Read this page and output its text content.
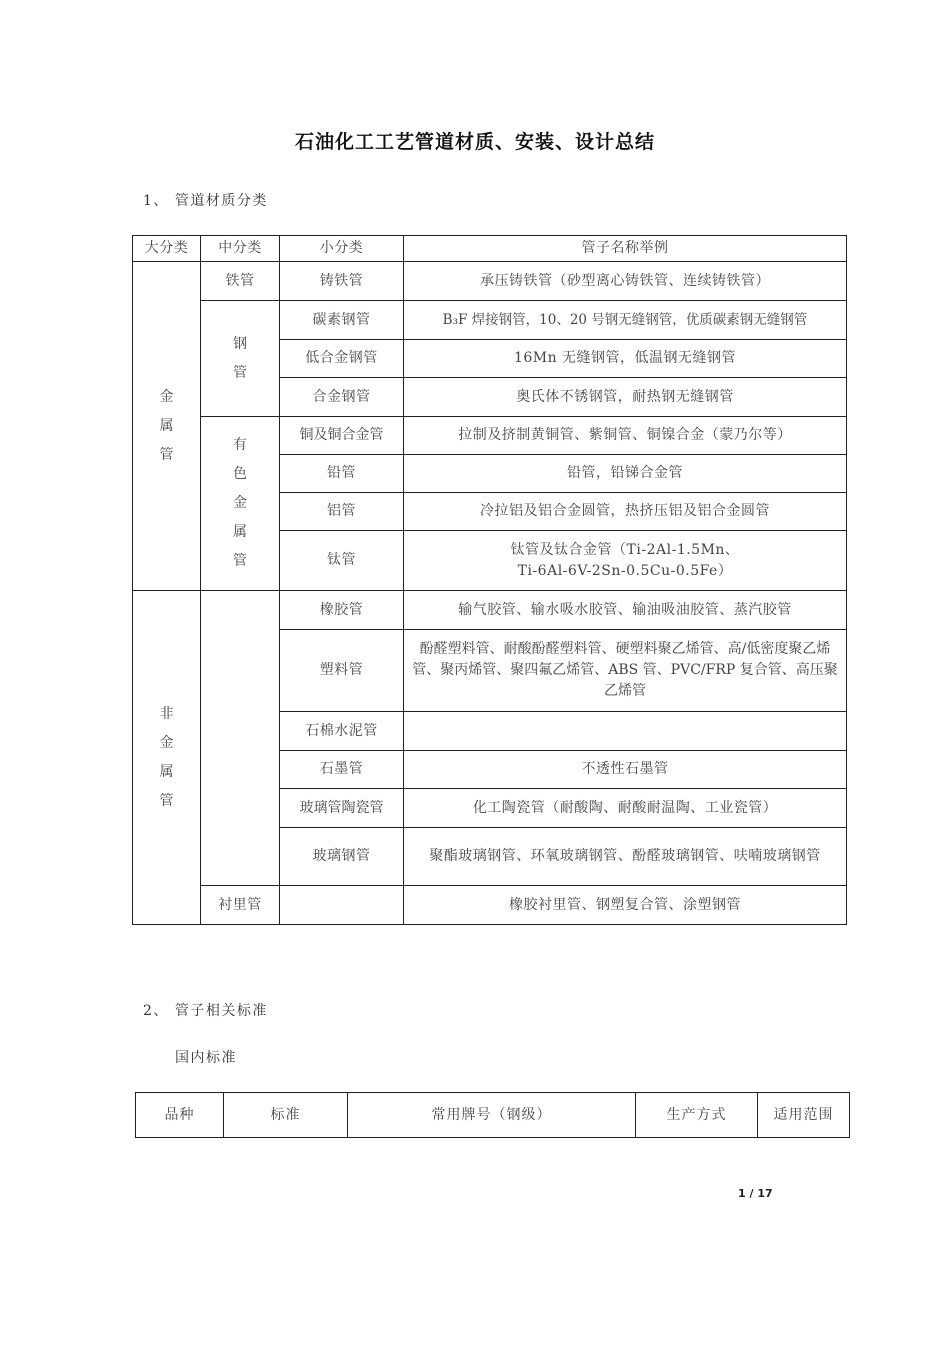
石油化工工艺管道材质、安装、设计总结
1、 管道材质分类
大分类	中分类	小分类	管子名称举例
金
属
管	铁管	铸铁管	承压铸铁管（砂型离心铸铁管、连续铸铁管）
	钢
管	碳素钢管	B₃F 焊接钢管，10、20 号钢无缝钢管，优质碳素钢无缝钢管
		低合金钢管	16Mn 无缝钢管，低温钢无缝钢管
		合金钢管	奥氏体不锈钢管，耐热钢无缝钢管
	有
色
金
属
管	铜及铜合金管	拉制及挤制黄铜管、紫铜管、铜镍合金（蒙乃尔等）
		铅管	铅管，铅锑合金管
		铝管	冷拉铝及铝合金圆管，热挤压铝及铝合金圆管
		钛管	钛管及钛合金管（Ti-2Al-1.5Mn、
Ti-6Al-6V-2Sn-0.5Cu-0.5Fe）
非
金
属
管		橡胶管	输气胶管、输水吸水胶管、输油吸油胶管、蒸汽胶管
		塑料管	酚醛塑料管、耐酸酚醛塑料管、硬塑料聚乙烯管、高/低密度聚乙烯管、聚丙烯管、聚四氟乙烯管、ABS 管、PVC/FRP 复合管、高压聚乙烯管
		石棉水泥管	
		石墨管	不透性石墨管
		玻璃管陶瓷管	化工陶瓷管（耐酸陶、耐酸耐温陶、工业瓷管）
		玻璃钢管	聚酯玻璃钢管、环氧玻璃钢管、酚醛玻璃钢管、呋喃玻璃钢管
	衬里管		橡胶衬里管、钢塑复合管、涂塑钢管
2、 管子相关标准
国内标准
品种	标准	常用牌号（钢级）	生产方式	适用范围
1 / 17
